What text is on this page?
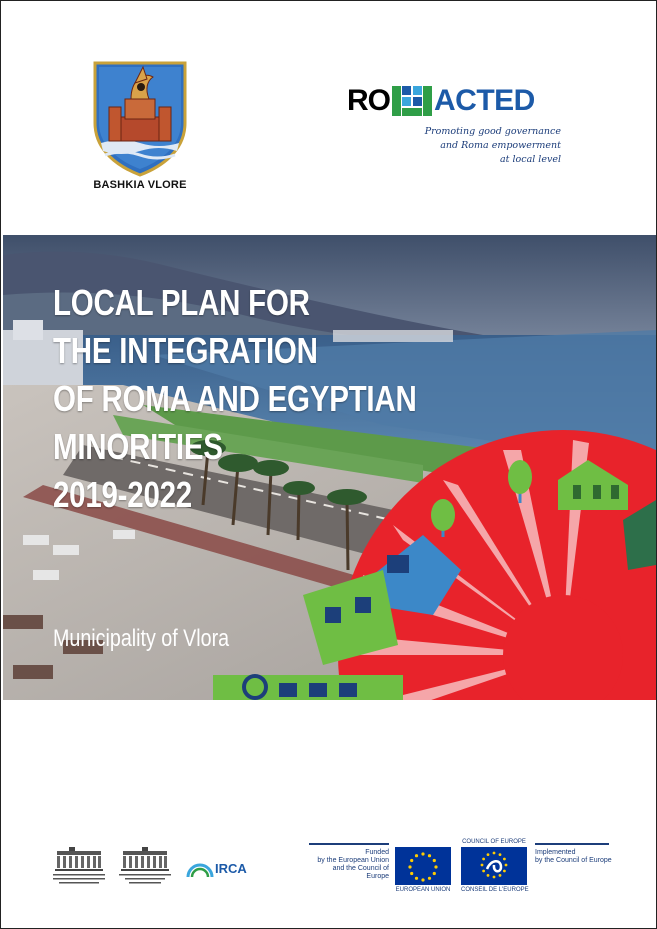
BASHKIA VLORE
RO ACTED
Promoting good governance
and Roma empowerment
at local level
LOCAL PLAN FOR
THE INTEGRATION
OF ROMA AND EGYPTIAN
MINORITIES
2019-2022
Municipality of Vlora
IRCA
Funded
by the European Union
and the Council of Europe
EUROPEAN UNION
COUNCIL OF EUROPE
CONSEIL DE L'EUROPE
Implemented
by the Council of Europe
